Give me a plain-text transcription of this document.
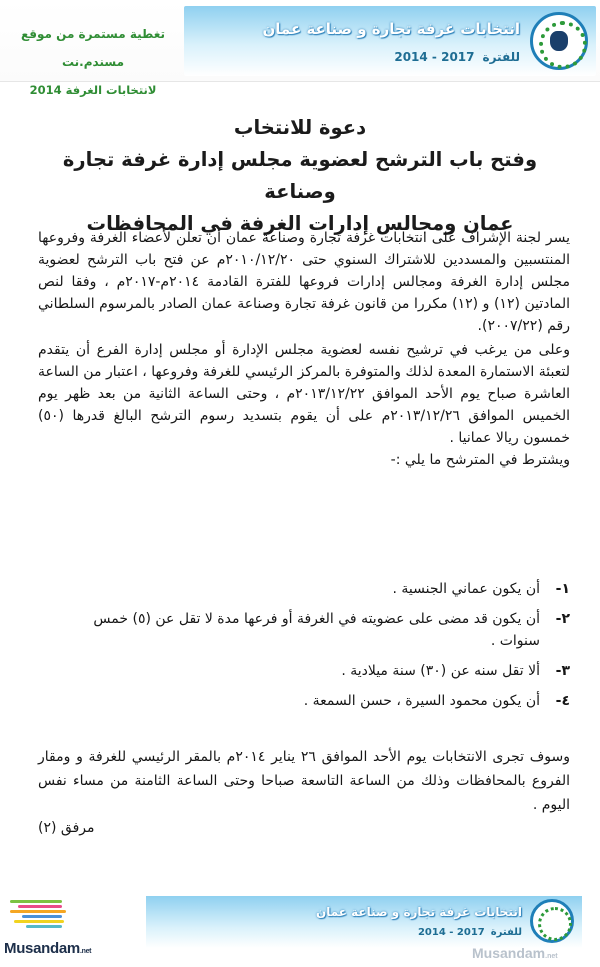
تغطية مستمرة من موقع مسندم.نت
لانتخابات الغرفة 2014
انتخابات غرفة تجارة و صناعة عمان
للفترة2014 - 2017
دعوة للانتخاب
وفتح باب الترشح لعضوية مجلس إدارة غرفة تجارة وصناعة
عمان ومجالس إدارات الغرفة في المحافظات

يسر لجنة الإشراف على انتخابات غرفة تجارة وصناعة عمان أن تعلن لأعضاء الغرفة وفروعها المنتسبين والمسددين للاشتراك السنوي حتى ٢٠١٠/١٢/٢٠م عن فتح باب الترشح لعضوية مجلس إدارة الغرفة ومجالس إدارات فروعها للفترة القادمة ٢٠١٤م-٢٠١٧م ، وفقا لنص المادتين (١٢) و (١٢) مكررا من قانون غرفة تجارة وصناعة عمان الصادر بالمرسوم السلطاني رقم (٢٠٠٧/٢٢).

وعلى من يرغب في ترشيح نفسه لعضوية مجلس الإدارة أو مجلس إدارة الفرع أن يتقدم لتعبئة الاستمارة المعدة لذلك والمتوفرة بالمركز الرئيسي للغرفة وفروعها ، اعتبار من الساعة العاشرة صباح يوم الأحد الموافق ٢٠١٣/١٢/٢٢م ، وحتى الساعة الثانية من بعد ظهر يوم الخميس الموافق ٢٠١٣/١٢/٢٦م على أن يقوم بتسديد رسوم الترشح البالغ قدرها (٥٠) خمسون ريالا عمانيا .

ويشترط في المترشح ما يلي :-

١-
أن يكون عماني الجنسية .
٢-
أن يكون قد مضى على عضويته في الغرفة أو فرعها مدة لا تقل عن (٥) خمس سنوات .
٣-
ألا تقل سنه عن (٣٠) سنة ميلادية .
٤-
أن يكون محمود السيرة ، حسن السمعة .
وسوف تجرى الانتخابات يوم الأحد الموافق ٢٦ يناير ٢٠١٤م بالمقر الرئيسي للغرفة و ومقار الفروع بالمحافظات وذلك من الساعة التاسعة صباحا وحتى الساعة الثامنة من مساء نفس اليوم .
مرفق (٢)
Musandam.net
انتخابات غرفة تجارة و صناعة عمان
للفترة2014 - 2017
Musandam.net
